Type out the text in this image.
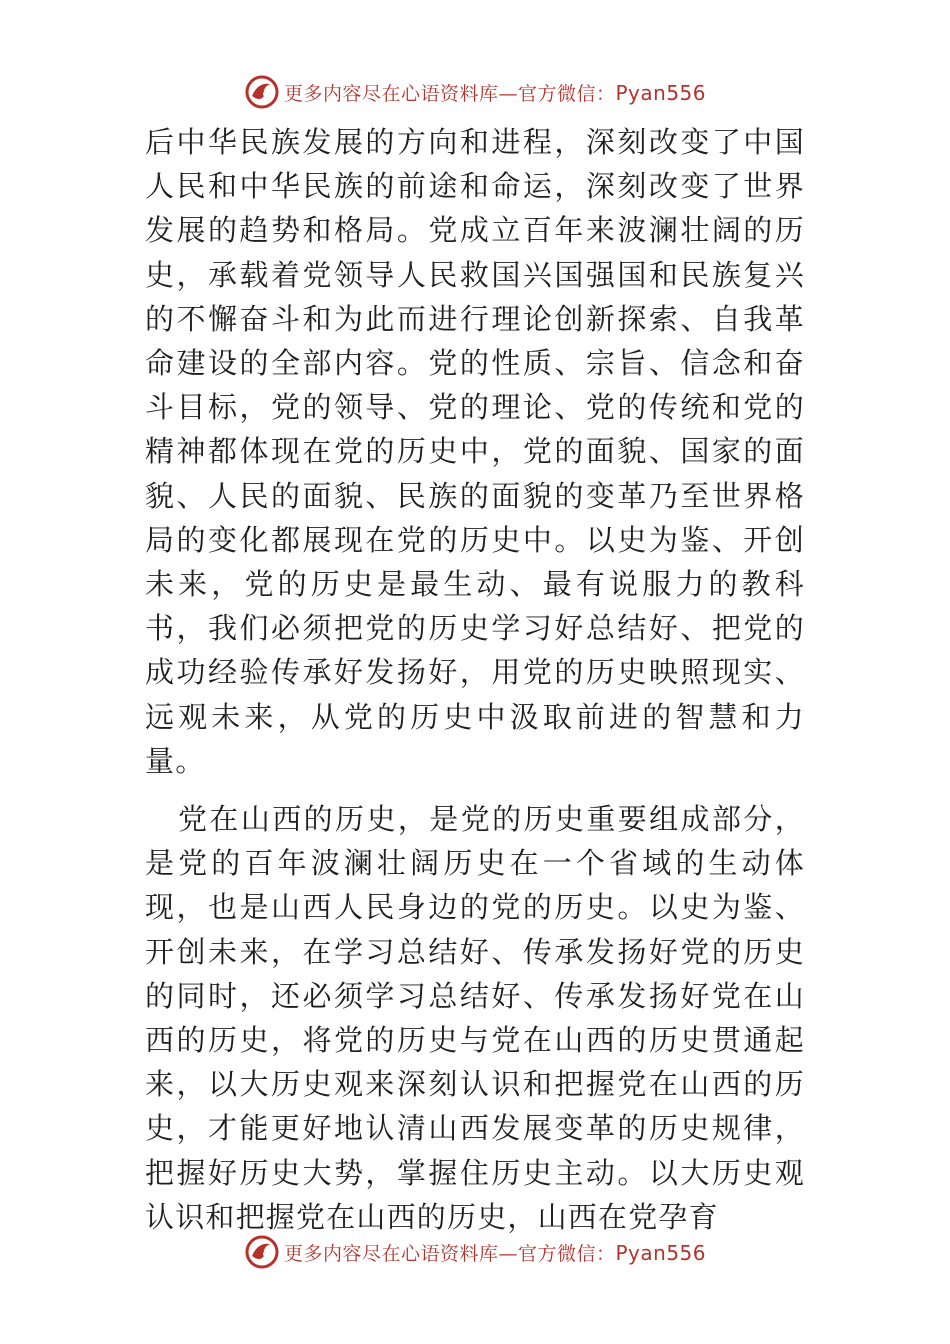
更多内容尽在心语资料库—官方微信：Pyan556

后中华民族发展的方向和进程，深刻改变了中国人民和中华民族的前途和命运，深刻改变了世界发展的趋势和格局。党成立百年来波澜壮阔的历史，承载着党领导人民救国兴国强国和民族复兴的不懈奋斗和为此而进行理论创新探索、自我革命建设的全部内容。党的性质、宗旨、信念和奋斗目标，党的领导、党的理论、党的传统和党的精神都体现在党的历史中，党的面貌、国家的面貌、人民的面貌、民族的面貌的变革乃至世界格局的变化都展现在党的历史中。以史为鉴、开创未来，党的历史是最生动、最有说服力的教科书，我们必须把党的历史学习好总结好、把党的成功经验传承好发扬好，用党的历史映照现实、远观未来，从党的历史中汲取前进的智慧和力量。

党在山西的历史，是党的历史重要组成部分，是党的百年波澜壮阔历史在一个省域的生动体现，也是山西人民身边的党的历史。以史为鉴、开创未来，在学习总结好、传承发扬好党的历史的同时，还必须学习总结好、传承发扬好党在山西的历史，将党的历史与党在山西的历史贯通起来，以大历史观来深刻认识和把握党在山西的历史，才能更好地认清山西发展变革的历史规律，把握好历史大势，掌握住历史主动。以大历史观认识和把握党在山西的历史，山西在党孕育

更多内容尽在心语资料库—官方微信：Pyan556
